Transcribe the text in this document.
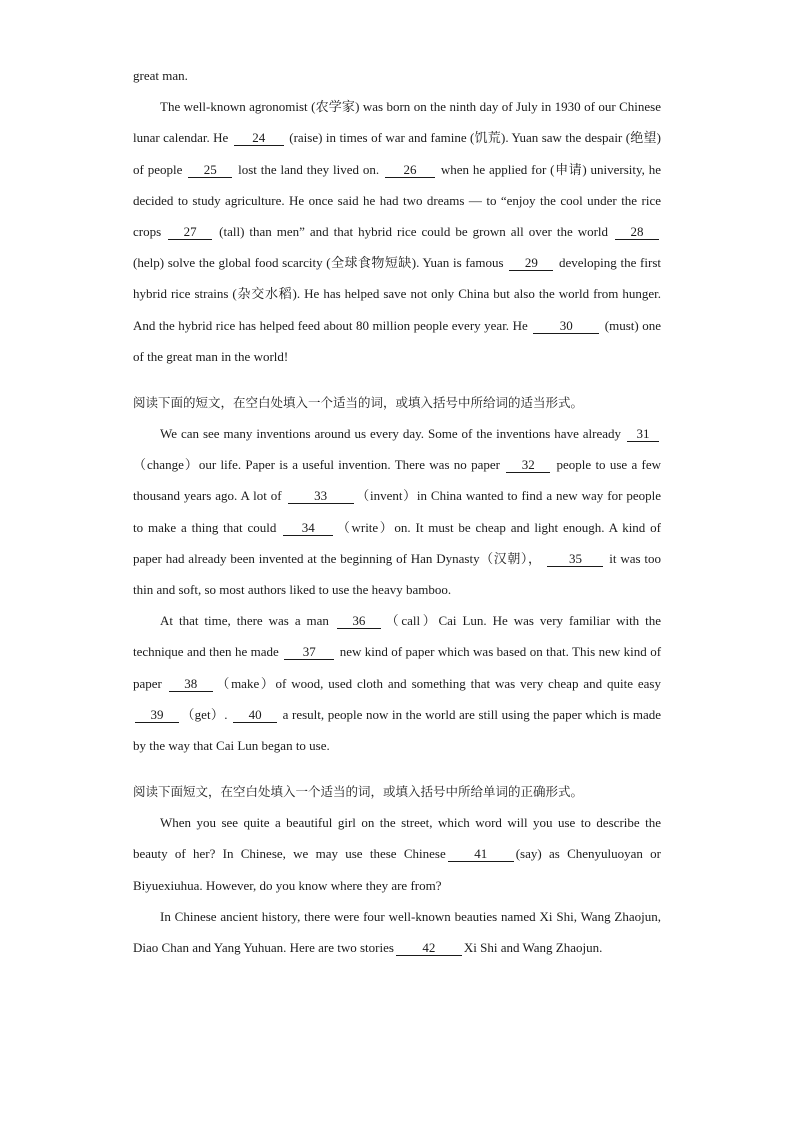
great man.

The well-known agronomist (农学家) was born on the ninth day of July in 1930 of our Chinese lunar calendar. He 24 (raise) in times of war and famine (饥荒). Yuan saw the despair (绝望) of people 25 lost the land they lived on. 26 when he applied for (申请) university, he decided to study agriculture. He once said he had two dreams — to “enjoy the cool under the rice crops 27 (tall) than men” and that hybrid rice could be grown all over the world 28 (help) solve the global food scarcity (全球食物短缺). Yuan is famous 29 developing the first hybrid rice strains (杂交水稻). He has helped save not only China but also the world from hunger. And the hybrid rice has helped feed about 80 million people every year. He 30 (must) one of the great man in the world!

阅读下面的短文，在空白处填入一个适当的词，或填入括号中所给词的适当形式。

We can see many inventions around us every day. Some of the inventions have already 31（change）our life. Paper is a useful invention. There was no paper 32 people to use a few thousand years ago. A lot of 33 （invent）in China wanted to find a new way for people to make a thing that could 34 （write）on. It must be cheap and light enough. A kind of paper had already been invented at the beginning of Han Dynasty（汉朝）， 35 it was too thin and soft, so most authors liked to use the heavy bamboo.

At that time, there was a man 36 （call）Cai Lun. He was very familiar with the technique and then he made 37 new kind of paper which was based on that. This new kind of paper 38 （make）of wood, used cloth and something that was very cheap and quite easy 39 （get）. 40 a result, people now in the world are still using the paper which is made by the way that Cai Lun began to use.

阅读下面短文，在空白处填入一个适当的词，或填入括号中所给单词的正确形式。

When you see quite a beautiful girl on the street, which word will you use to describe the beauty of her? In Chinese, we may use these Chinese 41 (say) as Chenyuluoyan or Biyuexiuhua. However, do you know where they are from?

In Chinese ancient history, there were four well-known beauties named Xi Shi, Wang Zhaojun, Diao Chan and Yang Yuhuan. Here are two stories 42 Xi Shi and Wang Zhaojun.
